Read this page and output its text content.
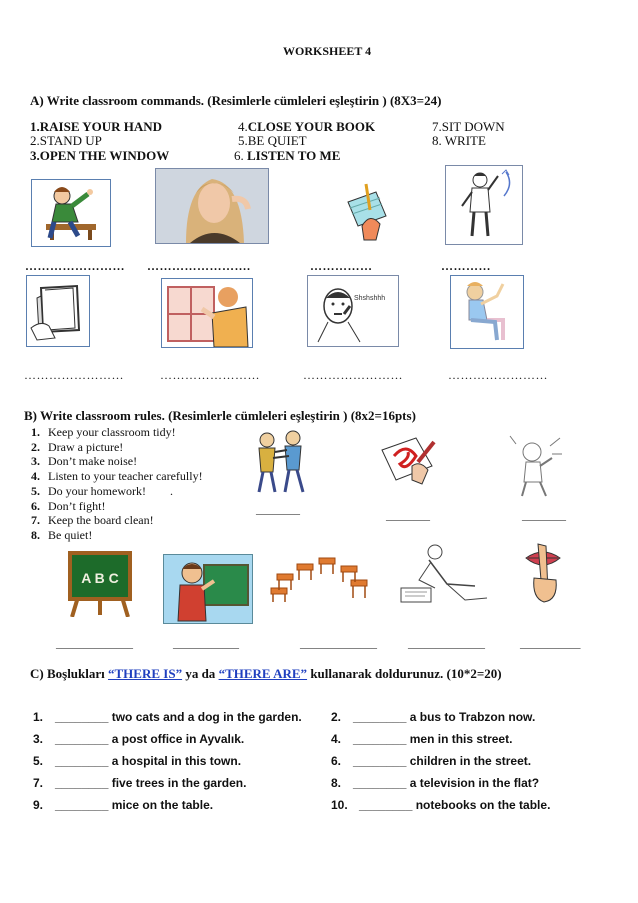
WORKSHEET 4
A) Write classroom commands. (Resimlerle cümleleri eşleştirin ) (8X3=24)
1.RAISE YOUR HAND	4.CLOSE YOUR BOOK	7.SIT DOWN
2.STAND UP	5.BE QUIET	8. WRITE
3.OPEN THE WINDOW	6. LISTEN TO ME
…………………… …………………….	……………	…………
Shshshhh
……………………	……………………	……………………	……………………
B) Write classroom rules. (Resimlerle cümleleri eşleştirin ) (8x2=16pts)
1. Keep your classroom tidy!
2. Draw a picture!
3. Don’t make noise!
4. Listen to your teacher carefully!
5. Do your homework!        .
6. Don’t fight!
7. Keep the board clean!
8. Be quiet!
________	________	________
A B C
______________	____________	______________	______________	___________
C) Boşlukları “THERE IS” ya da “THERE ARE” kullanarak doldurunuz. (10*2=20)
1. ________ two cats and a dog in the garden. 2. ________ a bus to Trabzon now.
3. ________ a post office in Ayvalık.	4. ________ men in this street.
5. ________ a hospital in this town.	6. ________ children in the street.
7. ________ five trees in the garden.	8. ________ a television in the flat?
9. ________ mice on the table.	10. ________ notebooks on the table.
